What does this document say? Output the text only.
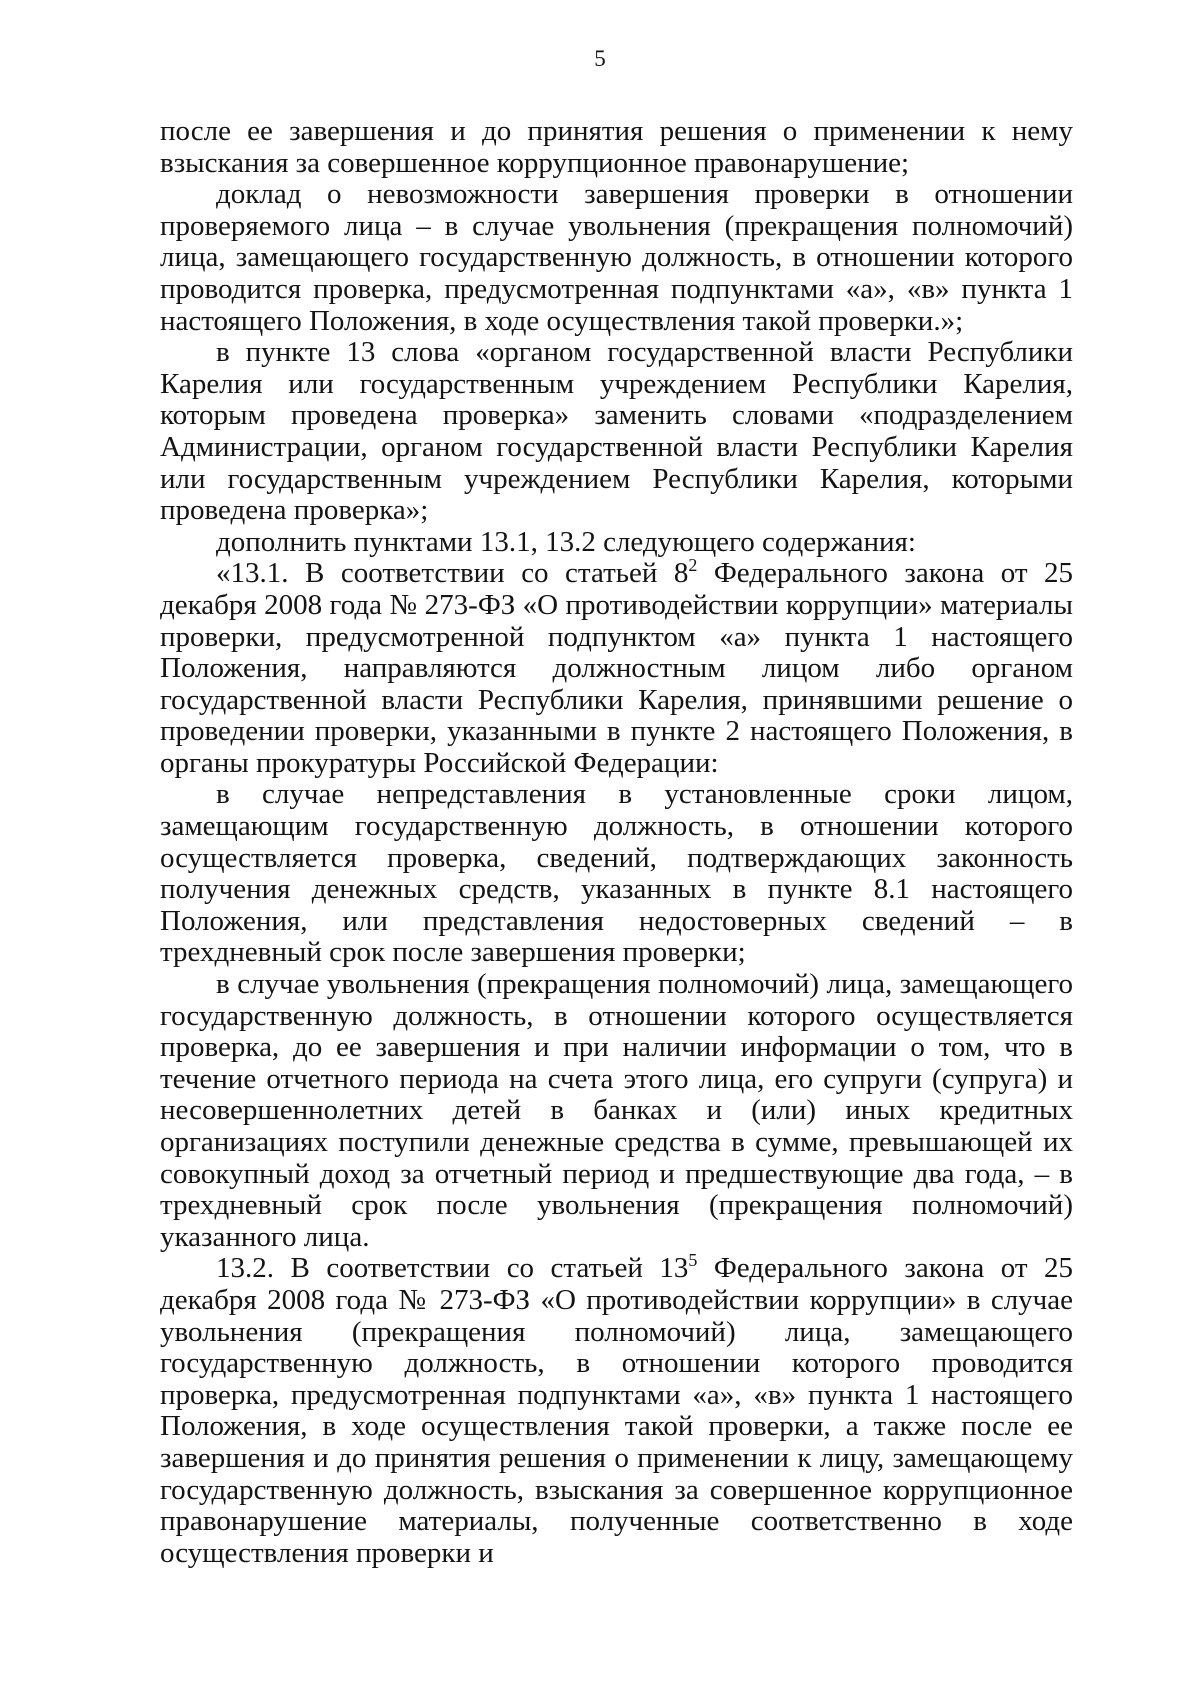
5

после ее завершения и до принятия решения о применении к нему взыскания за совершенное коррупционное правонарушение;

доклад о невозможности завершения проверки в отношении проверяемого лица – в случае увольнения (прекращения полномочий) лица, замещающего государственную должность, в отношении которого проводится проверка, предусмотренная подпунктами «а», «в» пункта 1 настоящего Положения, в ходе осуществления такой проверки.»;

в пункте 13 слова «органом государственной власти Республики Карелия или государственным учреждением Республики Карелия, которым проведена проверка» заменить словами «подразделением Администрации, органом государственной власти Республики Карелия или государственным учреждением Республики Карелия, которыми проведена проверка»;

дополнить пунктами 13.1, 13.2 следующего содержания:

«13.1. В соответствии со статьей $8^2$ Федерального закона от 25 декабря 2008 года № 273-ФЗ «О противодействии коррупции» материалы проверки, предусмотренной подпунктом «а» пункта 1 настоящего Положения, направляются должностным лицом либо органом государственной власти Республики Карелия, принявшими решение о проведении проверки, указанными в пункте 2 настоящего Положения, в органы прокуратуры Российской Федерации:

в случае непредставления в установленные сроки лицом, замещающим государственную должность, в отношении которого осуществляется проверка, сведений, подтверждающих законность получения денежных средств, указанных в пункте 8.1 настоящего Положения, или представления недостоверных сведений – в трехдневный срок после завершения проверки;

в случае увольнения (прекращения полномочий) лица, замещающего государственную должность, в отношении которого осуществляется проверка, до ее завершения и при наличии информации о том, что в течение отчетного периода на счета этого лица, его супруги (супруга) и несовершеннолетних детей в банках и (или) иных кредитных организациях поступили денежные средства в сумме, превышающей их совокупный доход за отчетный период и предшествующие два года, – в трехдневный срок после увольнения (прекращения полномочий) указанного лица.

13.2. В соответствии со статьей $13^5$ Федерального закона от 25 декабря 2008 года № 273-ФЗ «О противодействии коррупции» в случае увольнения (прекращения полномочий) лица, замещающего государственную должность, в отношении которого проводится проверка, предусмотренная подпунктами «а», «в» пункта 1 настоящего Положения, в ходе осуществления такой проверки, а также после ее завершения и до принятия решения о применении к лицу, замещающему государственную должность, взыскания за совершенное коррупционное правонарушение материалы, полученные соответственно в ходе осуществления проверки и
